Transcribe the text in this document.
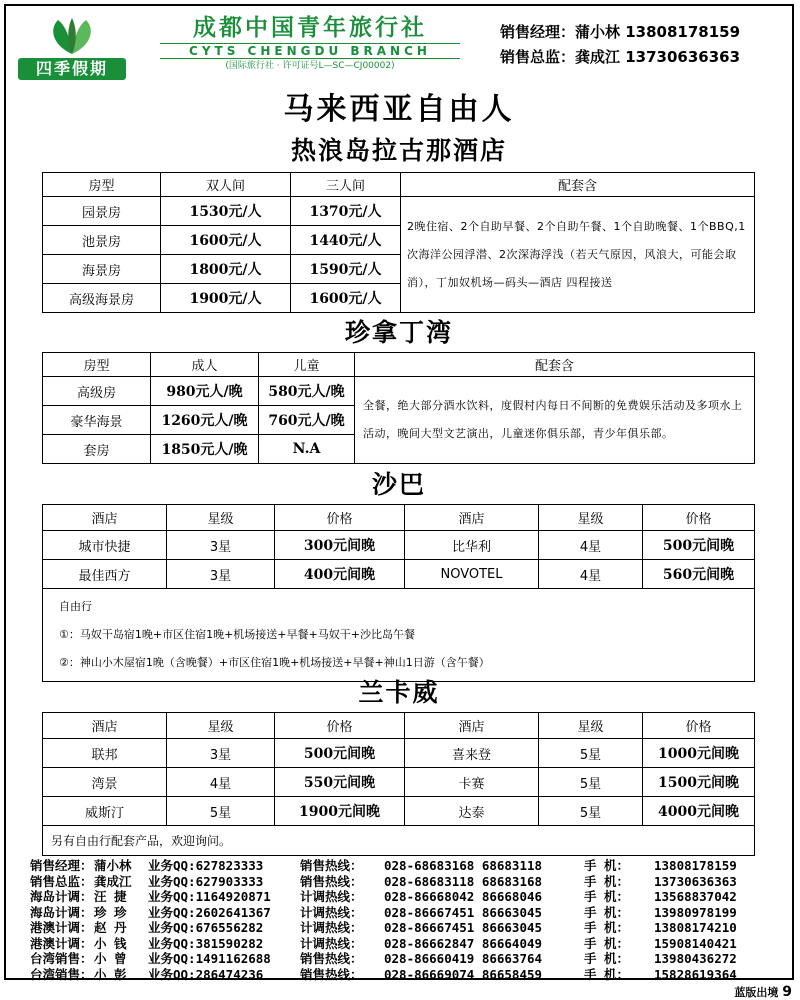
四季假期
成都中国青年旅行社
CYTS CHENGDU BRANCH
(国际旅行社 · 许可证号L—SC—CJ00002)
销售经理：蒲小林 13808178159
销售总监：龚成江 13730636363
马来西亚自由人
热浪岛拉古那酒店
房型	双人间	三人间	配套含
园景房	1530元/人	1370元/人	2晚住宿、2个自助早餐、2个自助午餐、1个自助晚餐、1个BBQ,1次海洋公园浮潜、2次深海浮浅（若天气原因，风浪大，可能会取消），丁加奴机场—码头—酒店 四程接送
池景房	1600元/人	1440元/人	
海景房	1800元/人	1590元/人	
高级海景房	1900元/人	1600元/人	
珍拿丁湾
房型	成人	儿童	配套含
高级房	980元人/晚	580元人/晚	全餐，绝大部分酒水饮料，度假村内每日不间断的免费娱乐活动及多项水上活动，晚间大型文艺演出，儿童迷你俱乐部，青少年俱乐部。
豪华海景	1260元人/晚	760元人/晚	
套房	1850元人/晚	N.A	
沙巴
酒店	星级	价格	酒店	星级	价格
城市快捷	3星	300元间晚	比华利	4星	500元间晚
最佳西方	3星	400元间晚	NOVOTEL	4星	560元间晚

自由行
①：马奴干岛宿1晚+市区住宿1晚+机场接送+早餐+马奴干+沙比岛午餐
②：神山小木屋宿1晚（含晚餐）+市区住宿1晚+机场接送+早餐+神山1日游（含午餐）					
兰卡威
酒店	星级	价格	酒店	星级	价格
联邦	3星	500元间晚	喜来登	5星	1000元间晚
湾景	4星	550元间晚	卡赛	5星	1500元间晚
威斯汀	5星	1900元间晚	达泰	5星	4000元间晚
另有自由行配套产品，欢迎询问。					
销售经理： 蒲小林	业务QQ:627823333	销售热线：	028-68683168 68683118	手 机：	13808178159
销售总监： 龚成江	业务QQ:627903333	销售热线：	028-68683118 68683168	手 机：	13730636363
海岛计调： 汪 捷	业务QQ:1164920871	计调热线：	028-86668042 86668046	手 机：	13568837042
海岛计调： 珍 珍	业务QQ:2602641367	计调热线：	028-86667451 86663045	手 机：	13980978199
港澳计调： 赵 丹	业务QQ:676556282	计调热线：	028-86667451 86663045	手 机：	13808174210
港澳计调： 小 钱	业务QQ:381590282	计调热线：	028-86662847 86664049	手 机：	15908140421
台湾销售： 小 曾	业务QQ:1491162688	销售热线：	028-86660419 86663764	手 机：	13980436272
台湾销售： 小 彭	业务QQ:286474236	销售热线：	028-86669074 86658459	手 机：	15828619364
蓝版出境 9
